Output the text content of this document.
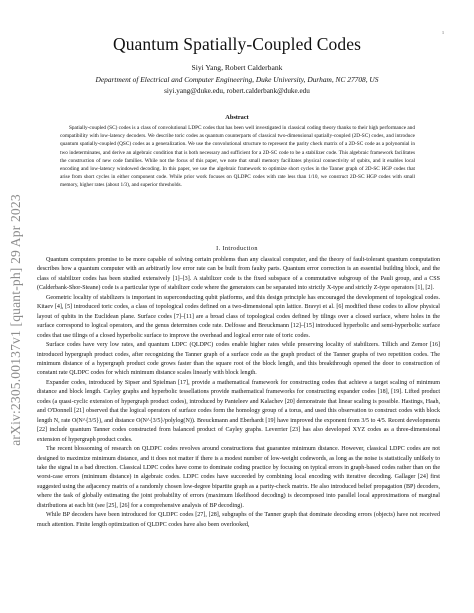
1
arXiv:2305.00137v1 [quant-ph] 29 Apr 2023
Quantum Spatially-Coupled Codes
Siyi Yang, Robert Calderbank
Department of Electrical and Computer Engineering, Duke University, Durham, NC 27708, US
siyi.yang@duke.edu, robert.calderbank@duke.edu
Abstract

Spatially-coupled (SC) codes is a class of convolutional LDPC codes that has been well investigated in classical coding theory thanks to their high performance and compatibility with low-latency decoders. We describe toric codes as quantum counterparts of classical two-dimensional spatially-coupled (2D-SC) codes, and introduce quantum spatially-coupled (QSC) codes as a generalization. We use the convolutional structure to represent the parity check matrix of a 2D-SC code as a polynomial in two indeterminates, and derive an algebraic condition that is both necessary and sufficient for a 2D-SC code to be a stabilizer code. This algebraic framework facilitates the construction of new code families. While not the focus of this paper, we note that small memory facilitates physical connectivity of qubits, and it enables local encoding and low-latency windowed decoding. In this paper, we use the algebraic framework to optimize short cycles in the Tanner graph of 2D-SC HGP codes that arise from short cycles in either component code. While prior work focuses on QLDPC codes with rate less than 1/10, we construct 2D-SC HGP codes with small memory, higher rates (about 1/3), and superior thresholds.

I. Introduction

Quantum computers promise to be more capable of solving certain problems than any classical computer, and the theory of fault-tolerant quantum computation describes how a quantum computer with an arbitrarily low error rate can be built from faulty parts. Quantum error correction is an essential building block, and the class of stabilizer codes has been studied extensively [1]–[3]. A stabilizer code is the fixed subspace of a commutative subgroup of the Pauli group, and a CSS (Calderbank-Shor-Steane) code is a particular type of stabilizer code where the generators can be separated into strictly X-type and strictly Z-type operators [1], [2].

Geometric locality of stabilizers is important in superconducting qubit platforms, and this design principle has encouraged the development of topological codes. Kitaev [4], [5] introduced toric codes, a class of topological codes defined on a two-dimensional spin lattice. Bravyi et al. [6] modified these codes to allow physical layout of qubits in the Euclidean plane. Surface codes [7]–[11] are a broad class of topological codes defined by tilings over a closed surface, where holes in the surface correspond to logical operators, and the genus determines code rate. Delfosse and Breuckmann [12]–[15] introduced hyperbolic and semi-hyperbolic surface codes that use tilings of a closed hyperbolic surface to improve the overhead and logical error rate of toric codes.

Surface codes have very low rates, and quantum LDPC (QLDPC) codes enable higher rates while preserving locality of stabilizers. Tillich and Zemor [16] introduced hypergraph product codes, after recognizing the Tanner graph of a surface code as the graph product of the Tanner graphs of two repetition codes. The minimum distance of a hypergraph product code grows faster than the square root of the block length, and this breakthrough opened the door to construction of constant rate QLDPC codes for which minimum distance scales linearly with block length.

Expander codes, introduced by Sipser and Spielman [17], provide a mathematical framework for constructing codes that achieve a target scaling of minimum distance and block length. Cayley graphs and hyperbolic tessellations provide mathematical frameworks for constructing expander codes [18], [19]. Lifted product codes (a quasi-cyclic extension of hypergraph product codes), introduced by Panteleev and Kalachev [20] demonstrate that linear scaling is possible. Hastings, Haah, and O'Donnell [21] observed that the logical operators of surface codes form the homology group of a torus, and used this observation to construct codes with block length N, rate O(N^{3/5}), and distance O(N^{3/5}/polylog(N)). Breuckmann and Eberhardt [19] have improved the exponent from 3/5 to 4/5. Recent developments [22] include quantum Tanner codes constructed from balanced product of Cayley graphs. Leverrier [23] has also developed XYZ codes as a three-dimensional extension of hypergraph product codes.

The recent blossoming of research on QLDPC codes revolves around constructions that guarantee minimum distance. However, classical LDPC codes are not designed to maximize minimum distance, and it does not matter if there is a modest number of low-weight codewords, as long as the noise is statistically unlikely to take the signal in a bad direction. Classical LDPC codes have come to dominate coding practice by focusing on typical errors in graph-based codes rather than on the worst-case errors (minimum distance) in algebraic codes. LDPC codes have succeeded by combining local encoding with iterative decoding. Gallager [24] first suggested using the adjacency matrix of a randomly chosen low-degree bipartite graph as a parity-check matrix. He also introduced belief propagation (BP) decoders, where the task of globally estimating the joint probability of errors (maximum likelihood decoding) is decomposed into parallel local approximations of marginal distributions at each bit (see [25], [26] for a comprehensive analysis of BP decoding).

While BP decoders have been introduced for QLDPC codes [27], [28], subgraphs of the Tanner graph that dominate decoding errors (objects) have not received much attention. Finite length optimization of QLDPC codes have also been overlooked,
